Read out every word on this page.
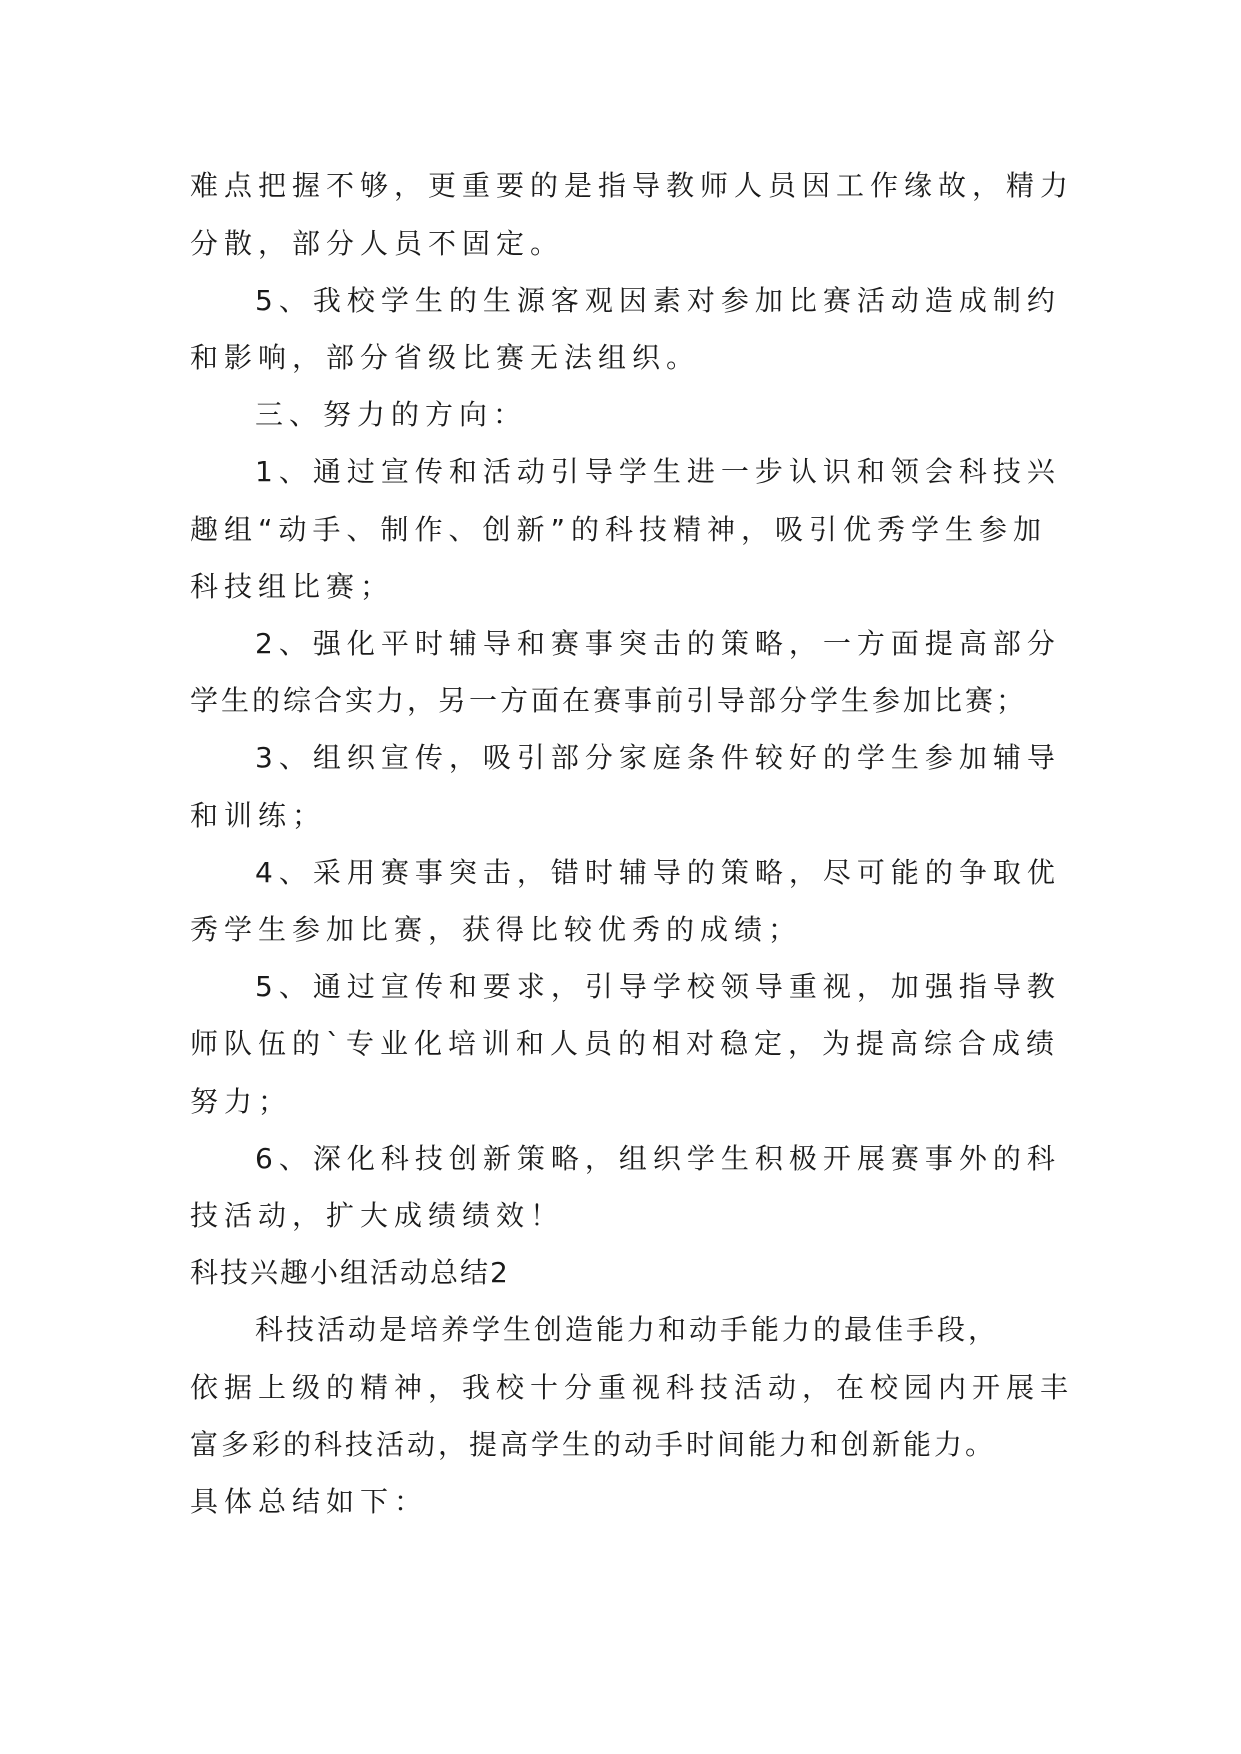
难点把握不够，更重要的是指导教师人员因工作缘故，精力
分散，部分人员不固定。
5、我校学生的生源客观因素对参加比赛活动造成制约
和影响，部分省级比赛无法组织。
三、努力的方向：
1、通过宣传和活动引导学生进一步认识和领会科技兴
趣组“动手、制作、创新”的科技精神，吸引优秀学生参加
科技组比赛；
2、强化平时辅导和赛事突击的策略，一方面提高部分
学生的综合实力，另一方面在赛事前引导部分学生参加比赛；
3、组织宣传，吸引部分家庭条件较好的学生参加辅导
和训练；
4、采用赛事突击，错时辅导的策略，尽可能的争取优
秀学生参加比赛，获得比较优秀的成绩；
5、通过宣传和要求，引导学校领导重视，加强指导教
师队伍的`专业化培训和人员的相对稳定，为提高综合成绩
努力；
6、深化科技创新策略，组织学生积极开展赛事外的科
技活动，扩大成绩绩效！
科技兴趣小组活动总结2
科技活动是培养学生创造能力和动手能力的最佳手段，
依据上级的精神，我校十分重视科技活动，在校园内开展丰
富多彩的科技活动，提高学生的动手时间能力和创新能力。
具体总结如下：
